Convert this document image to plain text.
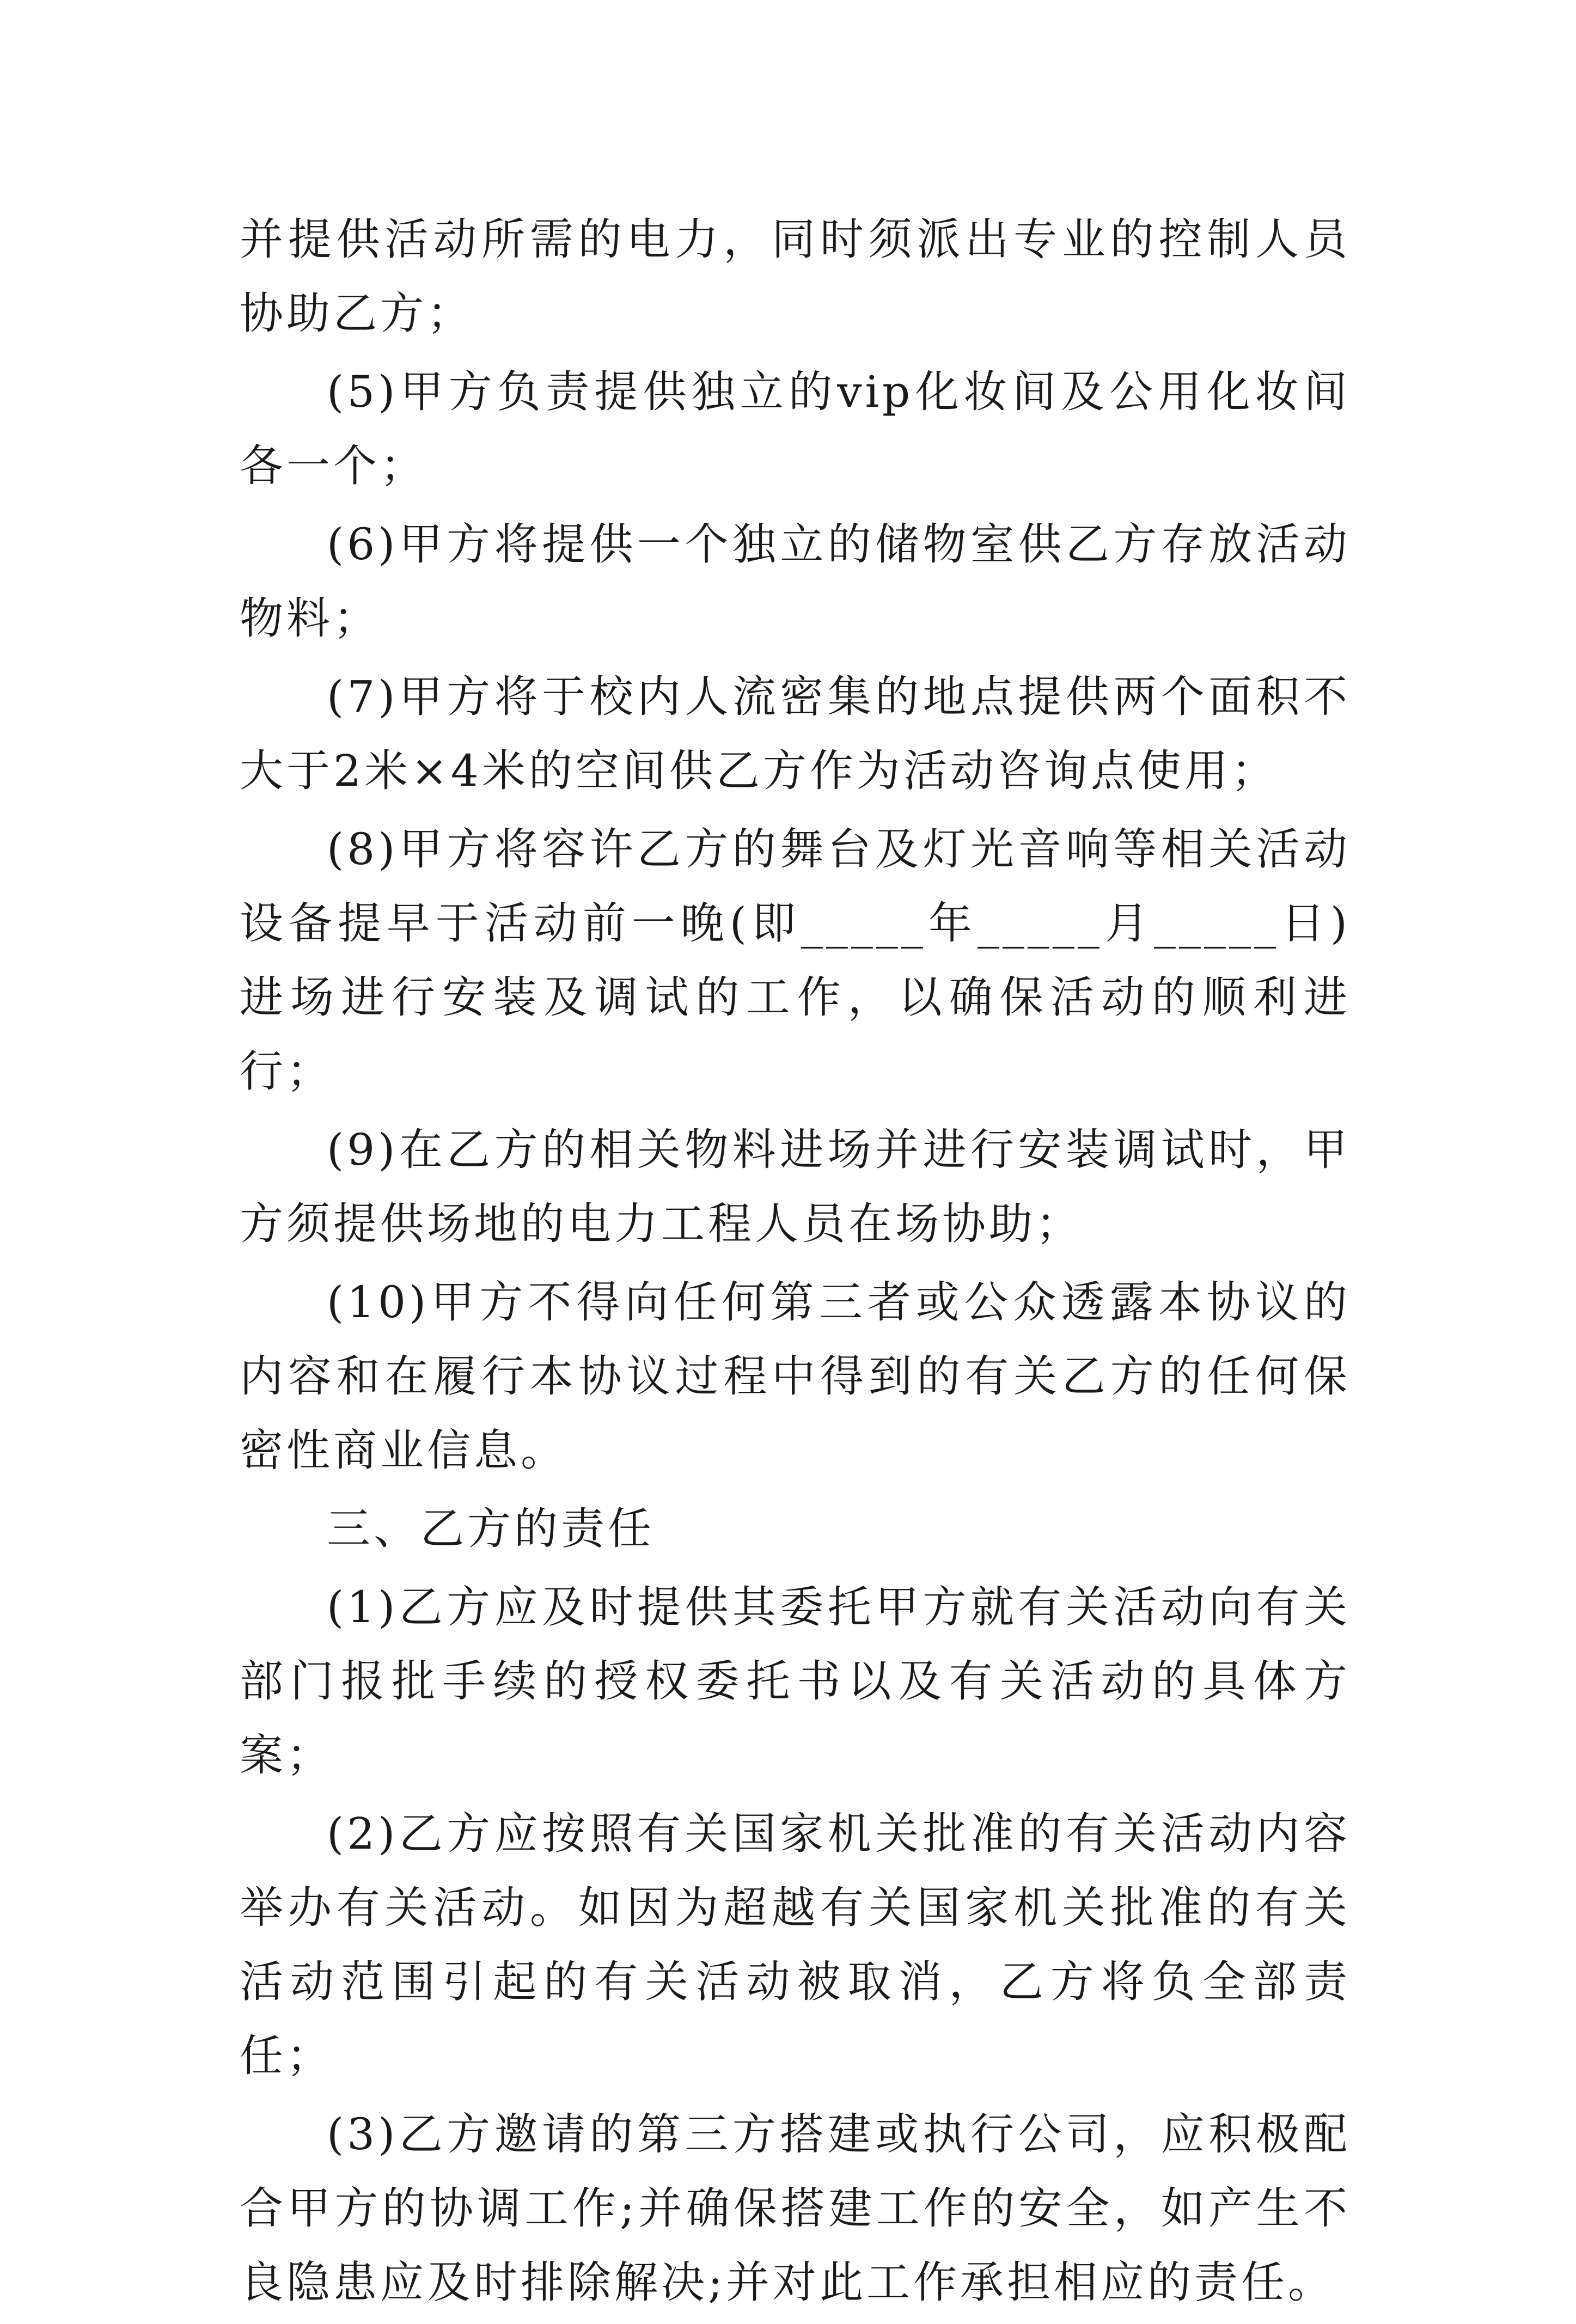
并提供活动所需的电力，同时须派出专业的控制人员协助乙方；

(5)甲方负责提供独立的vip化妆间及公用化妆间各一个；

(6)甲方将提供一个独立的储物室供乙方存放活动物料；

(7)甲方将于校内人流密集的地点提供两个面积不大于2米×4米的空间供乙方作为活动咨询点使用；

(8)甲方将容许乙方的舞台及灯光音响等相关活动设备提早于活动前一晚(即_____年_____月_____日)进场进行安装及调试的工作，以确保活动的顺利进行；

(9)在乙方的相关物料进场并进行安装调试时，甲方须提供场地的电力工程人员在场协助；

(10)甲方不得向任何第三者或公众透露本协议的内容和在履行本协议过程中得到的有关乙方的任何保密性商业信息。

三、乙方的责任

(1)乙方应及时提供其委托甲方就有关活动向有关部门报批手续的授权委托书以及有关活动的具体方案；

(2)乙方应按照有关国家机关批准的有关活动内容举办有关活动。如因为超越有关国家机关批准的有关活动范围引起的有关活动被取消，乙方将负全部责任；

(3)乙方邀请的第三方搭建或执行公司，应积极配合甲方的协调工作;并确保搭建工作的安全，如产生不良隐患应及时排除解决;并对此工作承担相应的责任。
